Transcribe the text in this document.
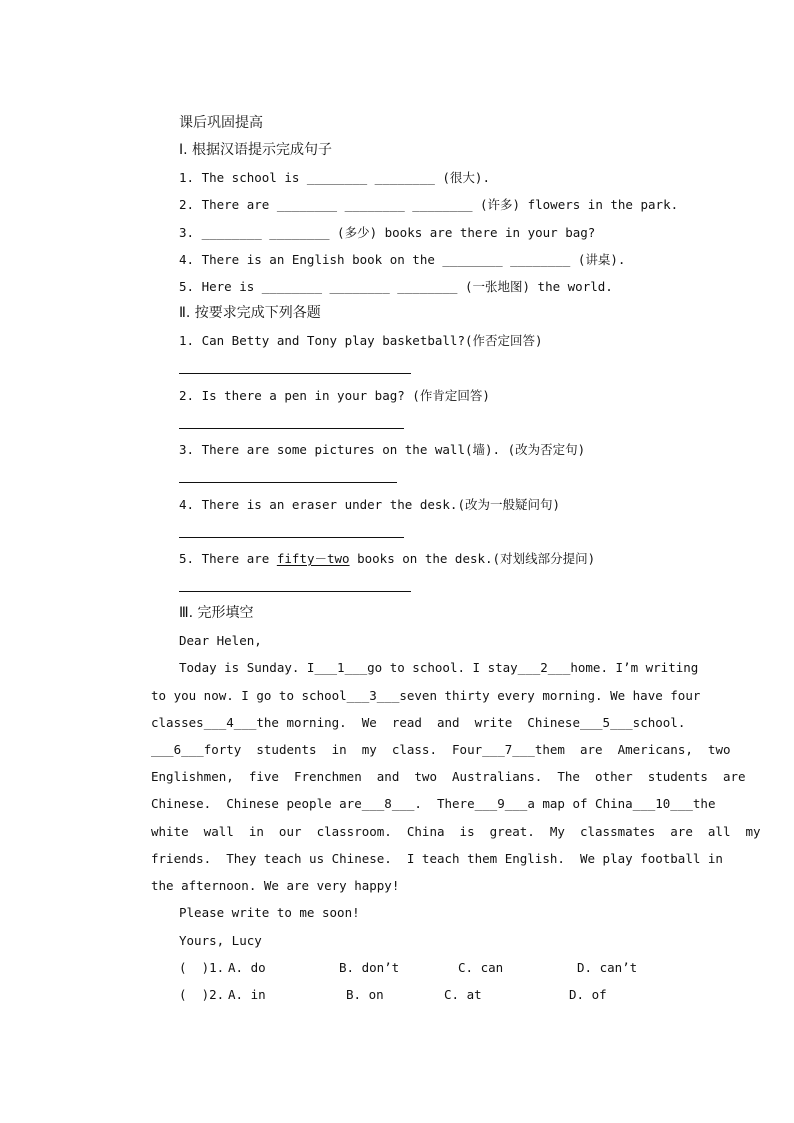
课后巩固提高
Ⅰ. 根据汉语提示完成句子
1. The school is ________ ________ (很大).
2. There are ________ ________ ________ (许多) flowers in the park.
3. ________ ________ (多少) books are there in your bag?
4. There is an English book on the ________ ________ (讲桌).
5. Here is ________ ________ ________ (一张地图) the world.
Ⅱ. 按要求完成下列各题
1. Can Betty and Tony play basketball?(作否定回答)
2. Is there a pen in your bag? (作肯定回答)
3. There are some pictures on the wall(墙). (改为否定句)
4. There is an eraser under the desk.(改为一般疑问句)
5. There are fifty－two books on the desk.(对划线部分提问)
Ⅲ. 完形填空
Dear Helen,
Today is Sunday. I ___1___ go to school. I stay ___2___ home. I’m writing
to you now. I go to school ___3___ seven thirty every morning. We have four
classes ___4___ the morning.  We  read  and  write  Chinese ___5___ school.
___6___ forty  students  in  my  class.  Four ___7___ them  are  Americans,  two
Englishmen,  five  Frenchmen  and  two  Australians.  The  other  students  are
Chinese.  Chinese people are ___8___ .  There ___9___ a map of China ___10___ the
white  wall  in  our  classroom.  China  is  great.  My  classmates  are  all  my
friends.  They teach us Chinese.  I teach them English.  We play football in
the afternoon. We are very happy!
Please write to me soon!
Yours, Lucy
(  )1. A. do	B. don’t	C. can	D. can’t
(  )2. A. in	B. on	C. at	D. of
